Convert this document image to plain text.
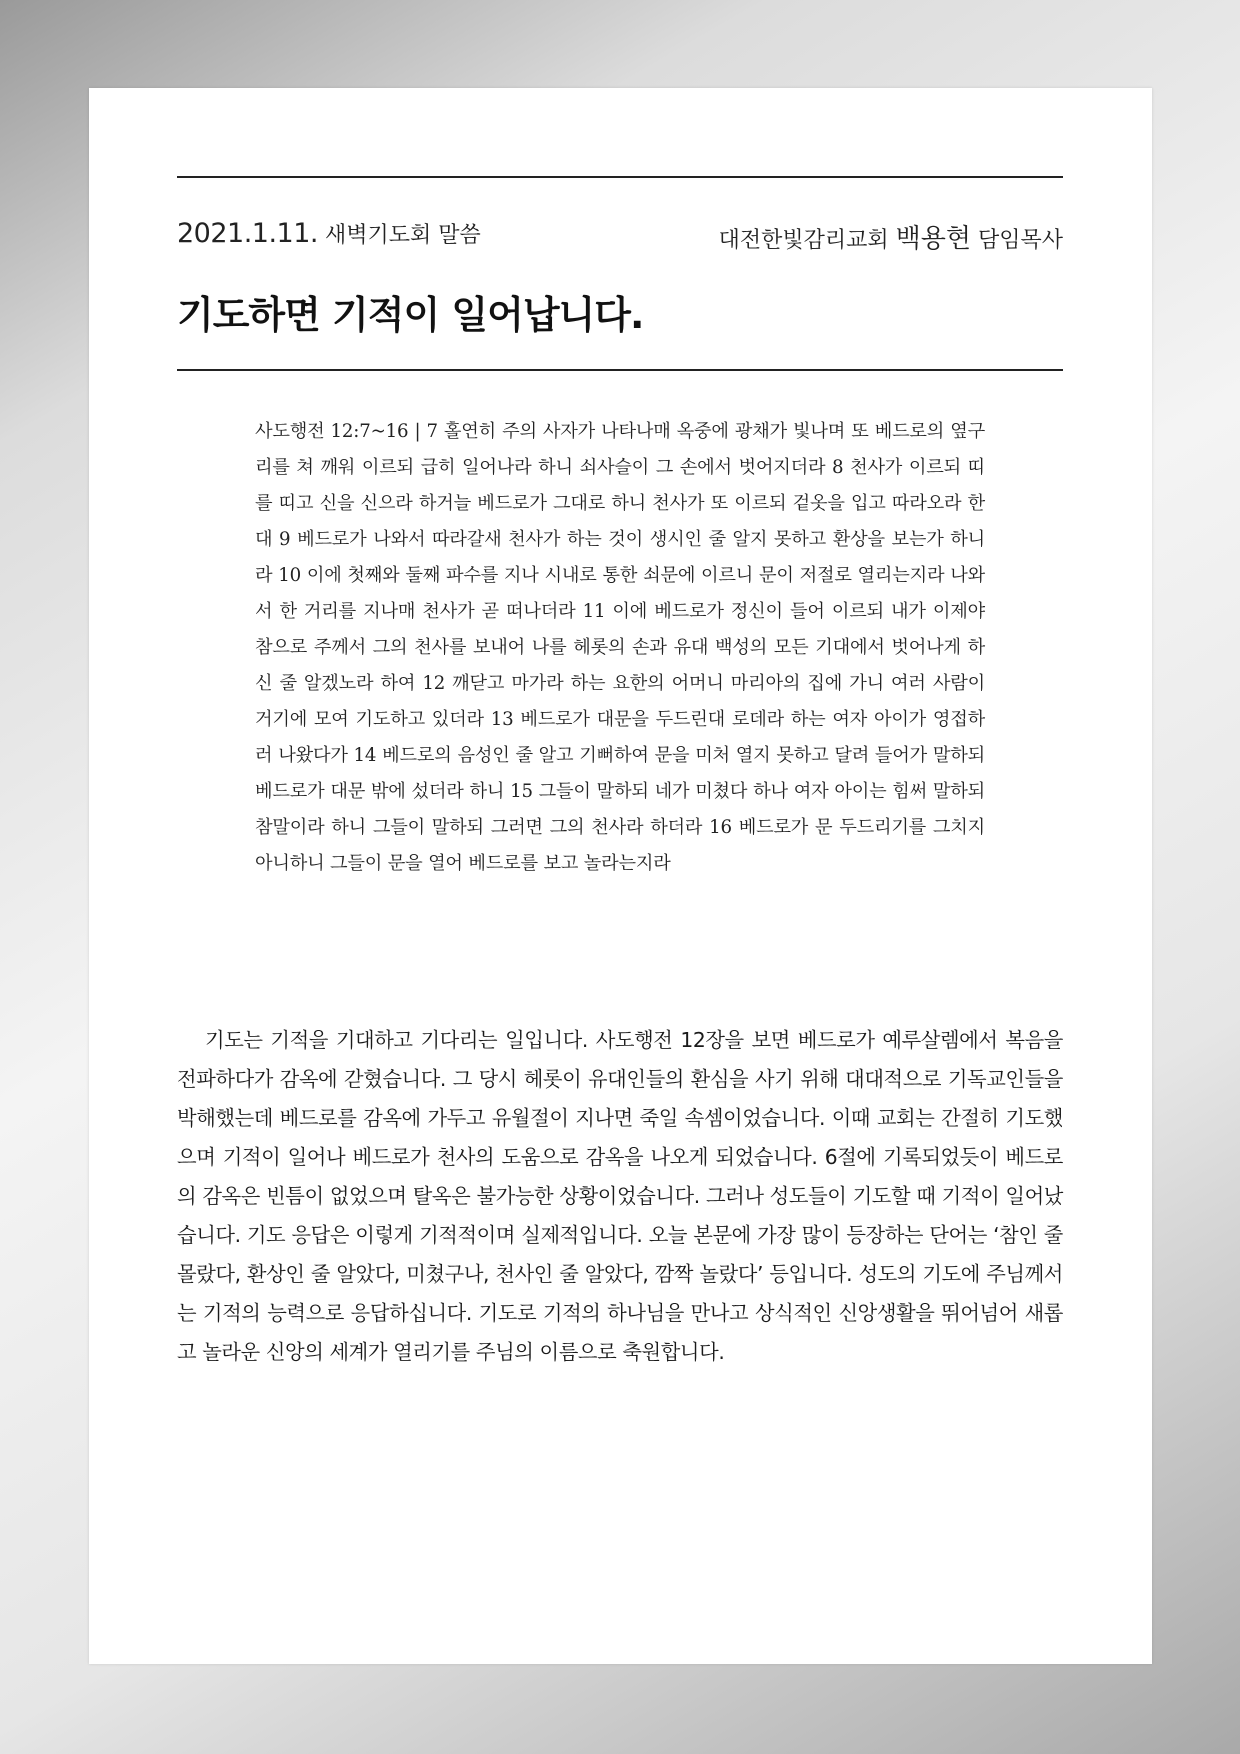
2021.1.11. 새벽기도회 말씀	대전한빛감리교회 백용현 담임목사
기도하면 기적이 일어납니다.

사도행전 12:7~16 | 7 홀연히 주의 사자가 나타나매 옥중에 광채가 빛나며 또 베드로의 옆구리를 쳐 깨워 이르되 급히 일어나라 하니 쇠사슬이 그 손에서 벗어지더라 8 천사가 이르되 띠를 띠고 신을 신으라 하거늘 베드로가 그대로 하니 천사가 또 이르되 겉옷을 입고 따라오라 한대 9 베드로가 나와서 따라갈새 천사가 하는 것이 생시인 줄 알지 못하고 환상을 보는가 하니라 10 이에 첫째와 둘째 파수를 지나 시내로 통한 쇠문에 이르니 문이 저절로 열리는지라 나와서 한 거리를 지나매 천사가 곧 떠나더라 11 이에 베드로가 정신이 들어 이르되 내가 이제야 참으로 주께서 그의 천사를 보내어 나를 헤롯의 손과 유대 백성의 모든 기대에서 벗어나게 하신 줄 알겠노라 하여 12 깨닫고 마가라 하는 요한의 어머니 마리아의 집에 가니 여러 사람이 거기에 모여 기도하고 있더라 13 베드로가 대문을 두드린대 로데라 하는 여자 아이가 영접하러 나왔다가 14 베드로의 음성인 줄 알고 기뻐하여 문을 미처 열지 못하고 달려 들어가 말하되 베드로가 대문 밖에 섰더라 하니 15 그들이 말하되 네가 미쳤다 하나 여자 아이는 힘써 말하되 참말이라 하니 그들이 말하되 그러면 그의 천사라 하더라 16 베드로가 문 두드리기를 그치지 아니하니 그들이 문을 열어 베드로를 보고 놀라는지라

기도는 기적을 기대하고 기다리는 일입니다. 사도행전 12장을 보면 베드로가 예루살렘에서 복음을 전파하다가 감옥에 갇혔습니다. 그 당시 헤롯이 유대인들의 환심을 사기 위해 대대적으로 기독교인들을 박해했는데 베드로를 감옥에 가두고 유월절이 지나면 죽일 속셈이었습니다. 이때 교회는 간절히 기도했으며 기적이 일어나 베드로가 천사의 도움으로 감옥을 나오게 되었습니다. 6절에 기록되었듯이 베드로의 감옥은 빈틈이 없었으며 탈옥은 불가능한 상황이었습니다. 그러나 성도들이 기도할 때 기적이 일어났습니다. 기도 응답은 이렇게 기적적이며 실제적입니다. 오늘 본문에 가장 많이 등장하는 단어는 ‘참인 줄 몰랐다, 환상인 줄 알았다, 미쳤구나, 천사인 줄 알았다, 깜짝 놀랐다’ 등입니다. 성도의 기도에 주님께서는 기적의 능력으로 응답하십니다. 기도로 기적의 하나님을 만나고 상식적인 신앙생활을 뛰어넘어 새롭고 놀라운 신앙의 세계가 열리기를 주님의 이름으로 축원합니다.
